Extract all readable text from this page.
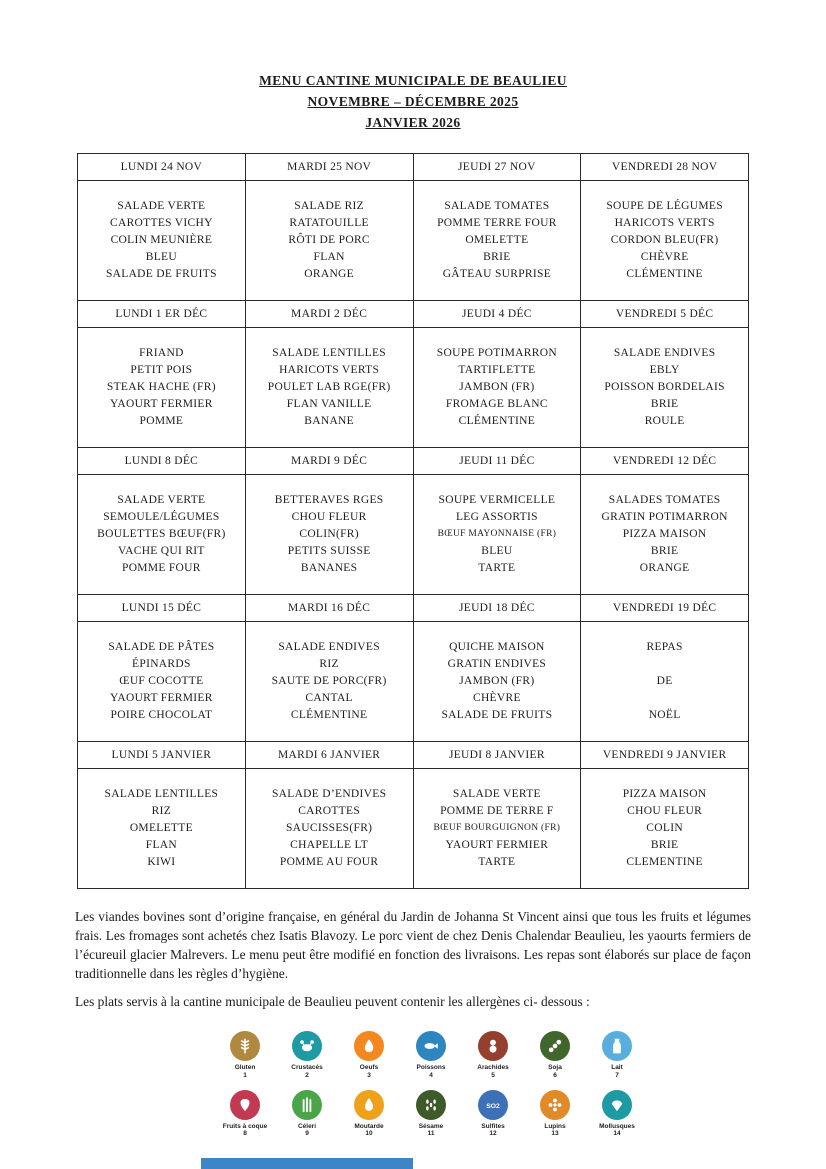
MENU CANTINE MUNICIPALE DE BEAULIEU
NOVEMBRE – DÉCEMBRE 2025
JANVIER 2026
LUNDI 24 NOV	MARDI 25 NOV	JEUDI 27 NOV	VENDREDI 28 NOV

SALADE VERTE
CAROTTES VICHY
COLIN MEUNIÈRE
BLEU
SALADE DE FRUITS

SALADE RIZ
RATATOUILLE
RÔTI DE PORC
FLAN
ORANGE

SALADE TOMATES
POMME TERRE FOUR
OMELETTE
BRIE
GÂTEAU SURPRISE

SOUPE DE LÉGUMES
HARICOTS VERTS
CORDON BLEU(FR)
CHÈVRE
CLÉMENTINE

LUNDI 1 ER DÉC	MARDI 2 DÉC	JEUDI 4 DÉC	VENDREDI 5 DÉC

FRIAND
PETIT POIS
STEAK HACHE (FR)
YAOURT FERMIER
POMME

SALADE LENTILLES
HARICOTS VERTS
POULET LAB RGE(FR)
FLAN VANILLE
BANANE

SOUPE POTIMARRON
TARTIFLETTE
JAMBON (FR)
FROMAGE BLANC
CLÉMENTINE

SALADE ENDIVES
EBLY
POISSON BORDELAIS
BRIE
ROULE

LUNDI 8 DÉC	MARDI 9 DÉC	JEUDI 11 DÉC	VENDREDI 12 DÉC

SALADE VERTE
SEMOULE/LÉGUMES
BOULETTES BŒUF(FR)
VACHE QUI RIT
POMME FOUR

BETTERAVES RGES
CHOU FLEUR
COLIN(FR)
PETITS SUISSE
BANANES

SOUPE VERMICELLE
LEG ASSORTIS
BŒUF MAYONNAISE (FR)
BLEU
TARTE

SALADES TOMATES
GRATIN POTIMARRON
PIZZA MAISON
BRIE
ORANGE

LUNDI 15 DÉC	MARDI 16 DÉC	JEUDI 18 DÉC	VENDREDI 19 DÉC

SALADE DE PÂTES
ÉPINARDS
ŒUF COCOTTE
YAOURT FERMIER
POIRE CHOCOLAT

SALADE ENDIVES
RIZ
SAUTE DE PORC(FR)
CANTAL
CLÉMENTINE

QUICHE MAISON
GRATIN ENDIVES
JAMBON (FR)
CHÈVRE
SALADE DE FRUITS

REPAS
DE
NOËL

LUNDI 5 JANVIER	MARDI 6 JANVIER	JEUDI 8 JANVIER	VENDREDI 9 JANVIER

SALADE LENTILLES
RIZ
OMELETTE
FLAN
KIWI

SALADE D’ENDIVES
CAROTTES
SAUCISSES(FR)
CHAPELLE LT
POMME AU FOUR

SALADE VERTE
POMME DE TERRE F
BŒUF BOURGUIGNON (FR)
YAOURT FERMIER
TARTE

PIZZA MAISON
CHOU FLEUR
COLIN
BRIE
CLEMENTINE

Les viandes bovines sont d’origine française, en général du Jardin de Johanna St Vincent ainsi que tous les fruits et légumes frais. Les fromages sont achetés chez Isatis Blavozy. Le porc vient de chez Denis Chalendar Beaulieu, les yaourts fermiers de l’écureuil glacier Malrevers. Le menu peut être modifié en fonction des livraisons. Les repas sont élaborés sur place de façon traditionnelle dans les règles d’hygiène.

Les plats servis à la cantine municipale de Beaulieu peuvent contenir les allergènes ci- dessous :

Gluten
1
Crustacés
2
Oeufs
3
Poissons
4
Arachides
5
Soja
6
Lait
7
Fruits à coque
8
Céleri
9
Moutarde
10
Sésame
11
SO2
Sulfites
12
Lupins
13
Mollusques
14
